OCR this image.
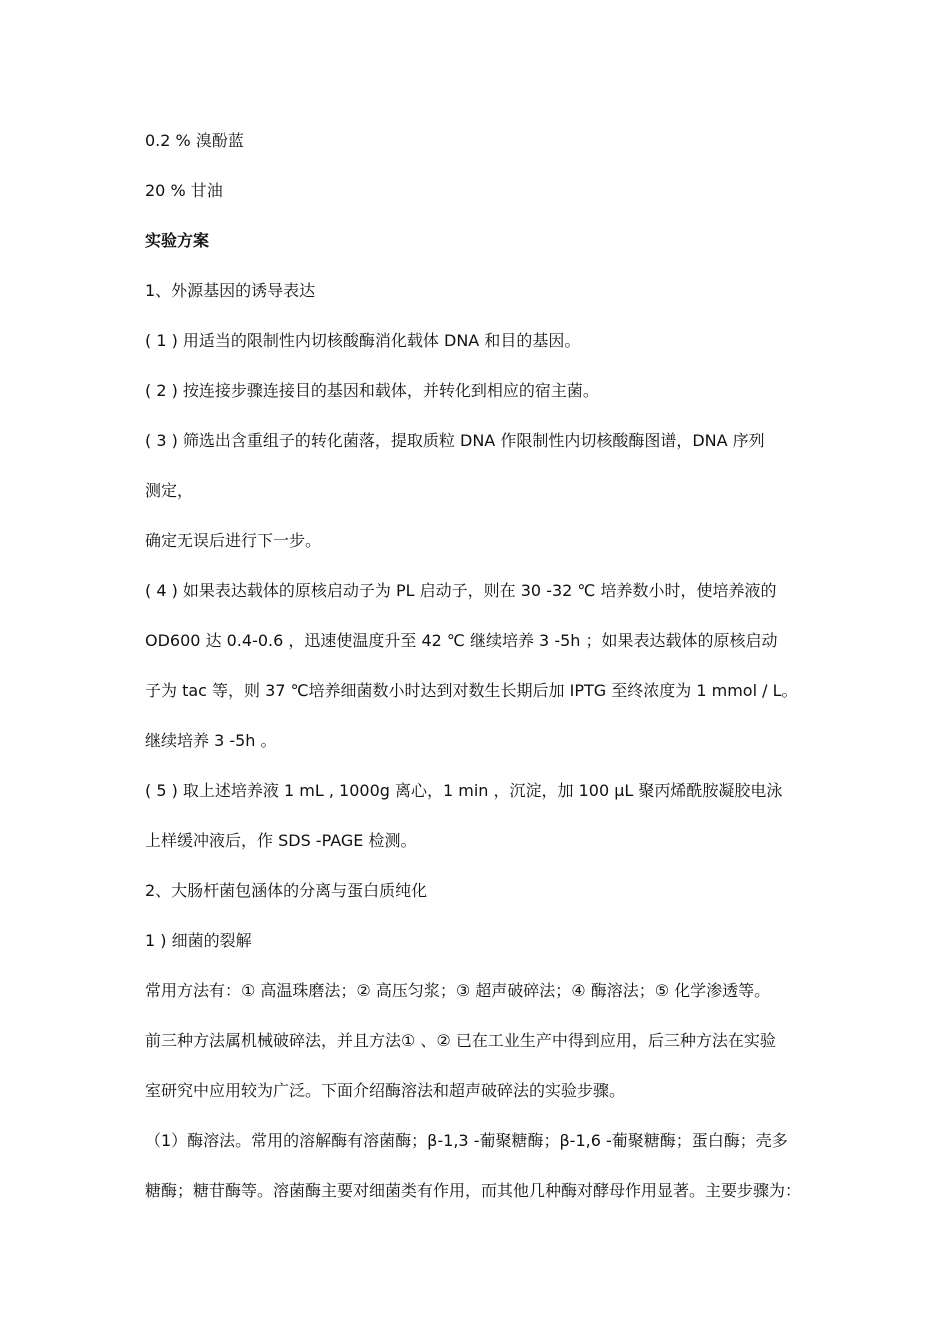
0.2 % 溴酚蓝
20 % 甘油
实验方案
1、外源基因的诱导表达
( 1 ) 用适当的限制性内切核酸酶消化载体 DNA 和目的基因。
( 2 ) 按连接步骤连接目的基因和载体，并转化到相应的宿主菌。
( 3 ) 筛选出含重组子的转化菌落，提取质粒 DNA 作限制性内切核酸酶图谱，DNA 序列
测定，
确定无误后进行下一步。
( 4 ) 如果表达载体的原核启动子为 PL 启动子，则在 30 -32 ℃ 培养数小时，使培养液的
OD600 达 0.4-0.6 ，迅速使温度升至 42 ℃ 继续培养 3 -5h ；如果表达载体的原核启动
子为 tac 等，则 37 ℃培养细菌数小时达到对数生长期后加 IPTG 至终浓度为 1 mmol / L。
继续培养 3 -5h 。
( 5 ) 取上述培养液 1 mL , 1000g 离心，1 min ，沉淀，加 100 μL 聚丙烯酰胺凝胶电泳
上样缓冲液后，作 SDS -PAGE 检测。
2、大肠杆菌包涵体的分离与蛋白质纯化
1 ) 细菌的裂解
常用方法有：① 高温珠磨法；② 高压匀浆；③ 超声破碎法；④ 酶溶法；⑤ 化学渗透等。
前三种方法属机械破碎法，并且方法① 、② 已在工业生产中得到应用，后三种方法在实验
室研究中应用较为广泛。下面介绍酶溶法和超声破碎法的实验步骤。
（1）酶溶法。常用的溶解酶有溶菌酶；β-1,3 -葡聚糖酶；β-1,6 -葡聚糖酶；蛋白酶；壳多
糖酶；糖苷酶等。溶菌酶主要对细菌类有作用，而其他几种酶对酵母作用显著。主要步骤为：
